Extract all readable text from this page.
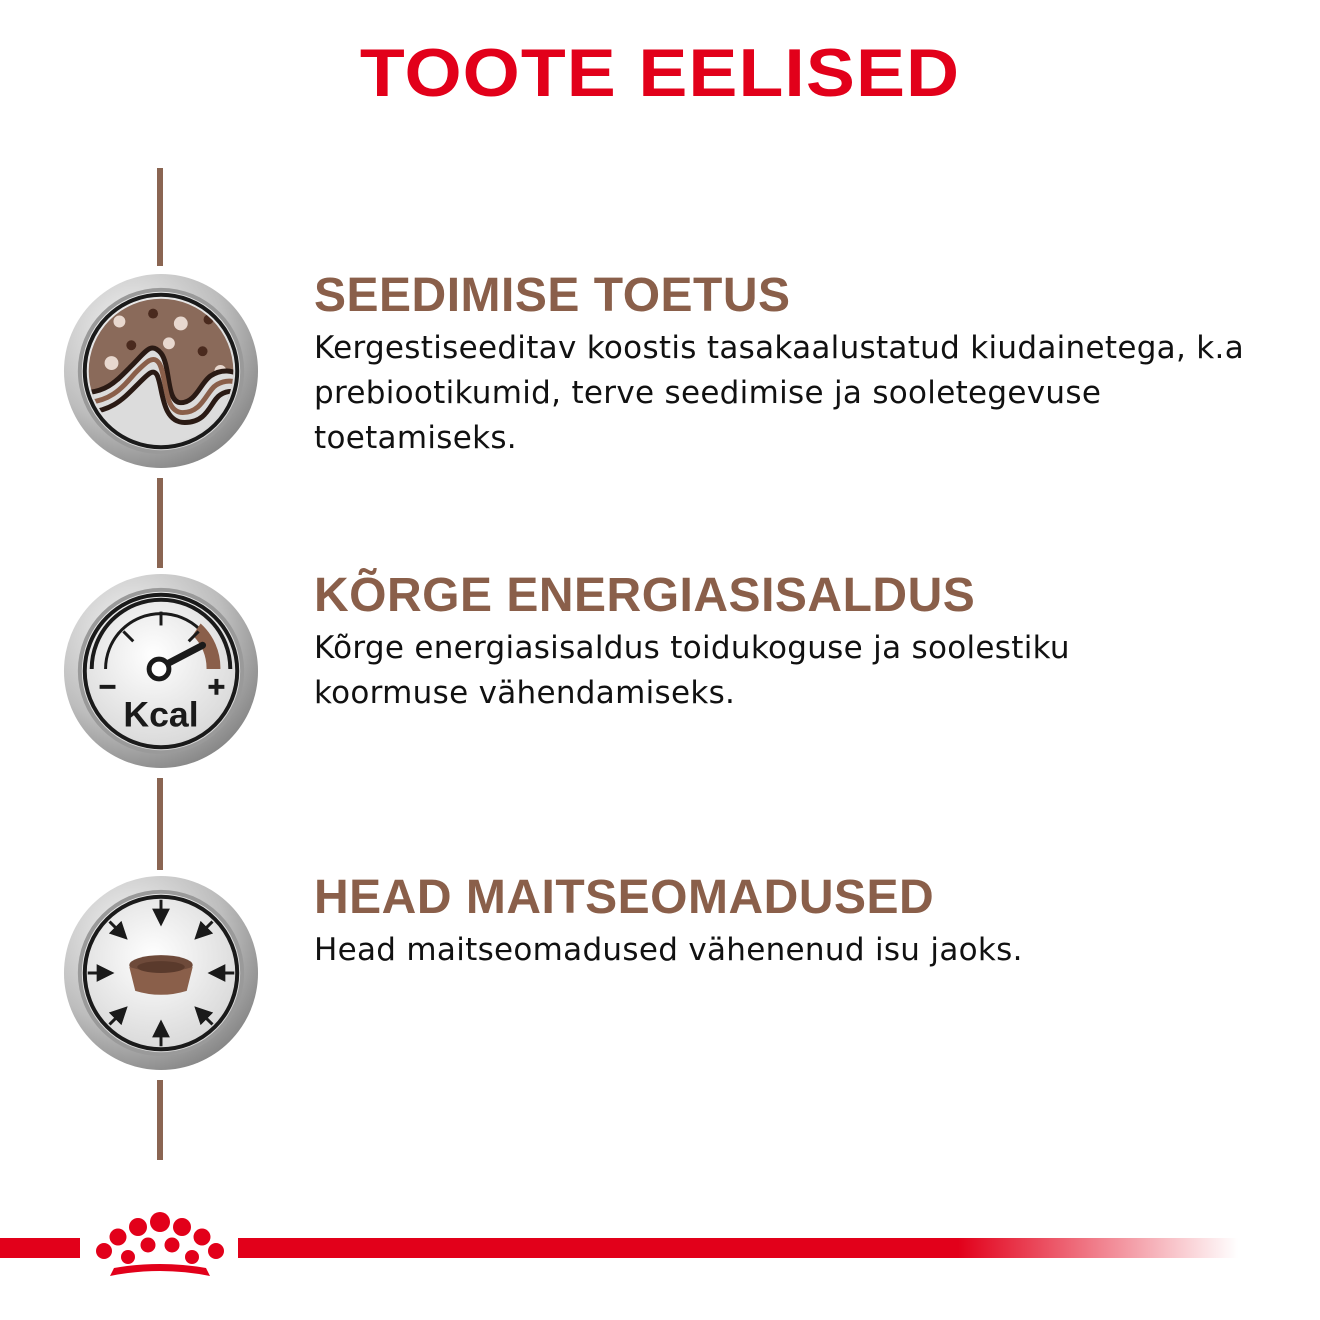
TOOTE EELISED
Kcal
SEEDIMISE TOETUS

Kergestiseeditav koostis tasakaalustatud kiudainetega, k.a prebiootikumid, terve seedimise ja sooletegevuse toetamiseks.

KÕRGE ENERGIASISALDUS

Kõrge energiasisaldus toidukoguse ja soolestiku koormuse vähendamiseks.

HEAD MAITSEOMADUSED

Head maitseomadused vähenenud isu jaoks.
